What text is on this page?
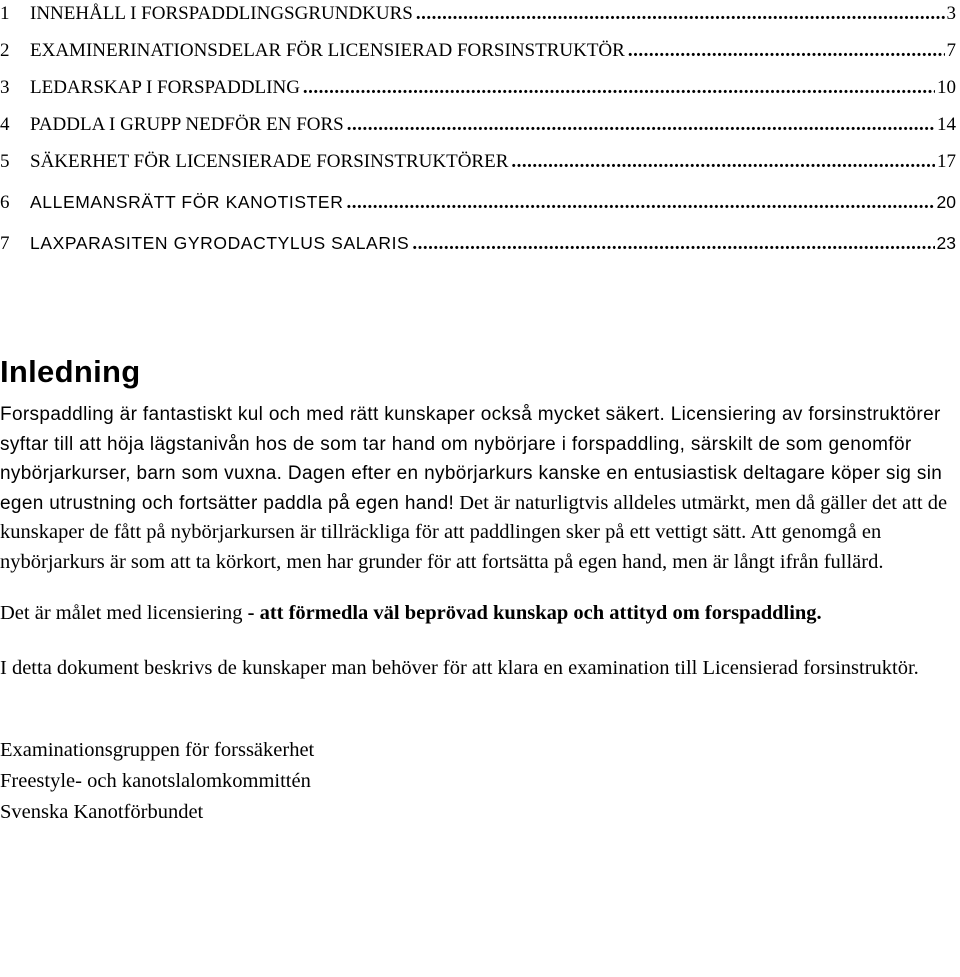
1	INNEHÅLL I FORSPADDLINGSGRUNDKURS .....	3
2	EXAMINERINATIONSDELAR FÖR LICENSIERAD FORSINSTRUKTÖR .....	7
3	LEDARSKAP I FORSPADDLING .....	10
4	PADDLA I GRUPP NEDFÖR EN FORS .....	14
5	SÄKERHET FÖR LICENSIERADE FORSINSTRUKTÖRER .....	17
6	ALLEMANSRÄTT FÖR KANOTISTER .....	20
7	LAXPARASITEN GYRODACTYLUS SALARIS .....	23
Inledning

Forspaddling är fantastiskt kul och med rätt kunskaper också mycket säkert. Licensiering av forsinstruktörer syftar till att höja lägstanivån hos de som tar hand om nybörjare i forspaddling, särskilt de som genomför nybörjarkurser, barn som vuxna. Dagen efter en nybörjarkurs kanske en entusiastisk deltagare köper sig sin egen utrustning och fortsätter paddla på egen hand! Det är naturligtvis alldeles utmärkt, men då gäller det att de kunskaper de fått på nybörjarkursen är tillräckliga för att paddlingen sker på ett vettigt sätt. Att genomgå en nybörjarkurs är som att ta körkort, men har grunder för att fortsätta på egen hand, men är långt ifrån fullärd.

Det är målet med licensiering - att förmedla väl beprövad kunskap och attityd om forspaddling.

I detta dokument beskrivs de kunskaper man behöver för att klara en examination till Licensierad forsinstruktör.

Examinationsgruppen för forssäkerhet
Freestyle- och kanotslalomkommittén
Svenska Kanotförbundet
